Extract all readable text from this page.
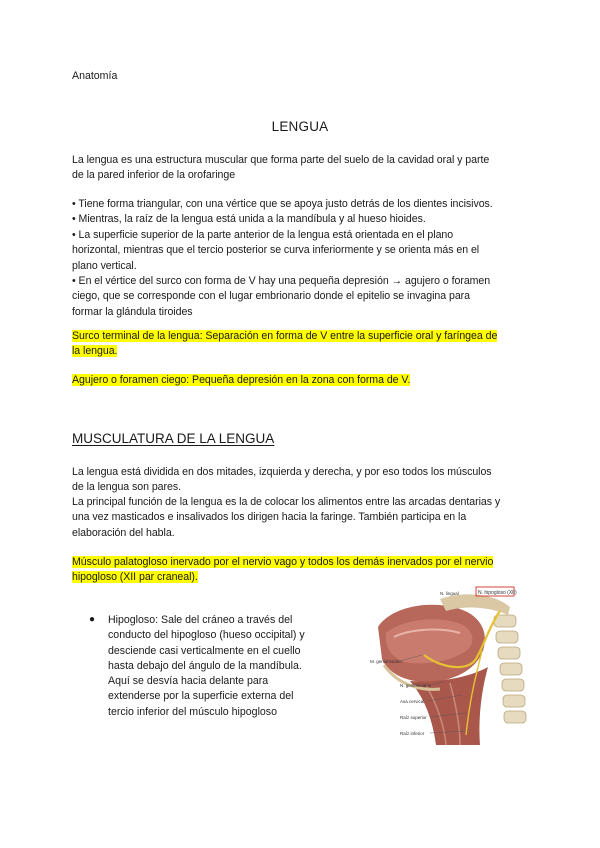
Anatomía
LENGUA

La lengua es una estructura muscular que forma parte del suelo de la cavidad oral y parte

de la pared inferior de la orofaringe

• Tiene forma triangular, con una vértice que se apoya justo detrás de los dientes incisivos.

• Mientras, la raíz de la lengua está unida a la mandíbula y al hueso hioides.

• La superficie superior de la parte anterior de la lengua está orientada en el plano

horizontal, mientras que el tercio posterior se curva inferiormente y se orienta más en el

plano vertical.

• En el vértice del surco con forma de V hay una pequeña depresión → agujero o foramen

ciego, que se corresponde con el lugar embrionario donde el epitelio se invagina para

formar la glándula tiroides

Surco terminal de la lengua: Separación en forma de V entre la superficie oral y faríngea de

la lengua.

Agujero o foramen ciego: Pequeña depresión en la zona con forma de V.

MUSCULATURA DE LA LENGUA

La lengua está dividida en dos mitades, izquierda y derecha, y por eso todos los músculos

de la lengua son pares.

La principal función de la lengua es la de colocar los alimentos entre las arcadas dentarias y

una vez masticados e insalivados los dirigen hacia la faringe. También participa en la

elaboración del habla.

Músculo palatogloso inervado por el nervio vago y todos los demás inervados por el nervio

hipogloso (XII par craneal).

● Hipogloso: Sale del cráneo a través del

conducto del hipogloso (hueso occipital) y

desciende casi verticalmente en el cuello

hasta debajo del ángulo de la mandíbula.

Aquí se desvía hacia delante para

extenderse por la superficie externa del

tercio inferior del músculo hipogloso

N. hipogloso (XII)
N. lingual
M. geniohioideo
N. geniohioideo
Asa cervical
Raíz superior
Raíz inferior
